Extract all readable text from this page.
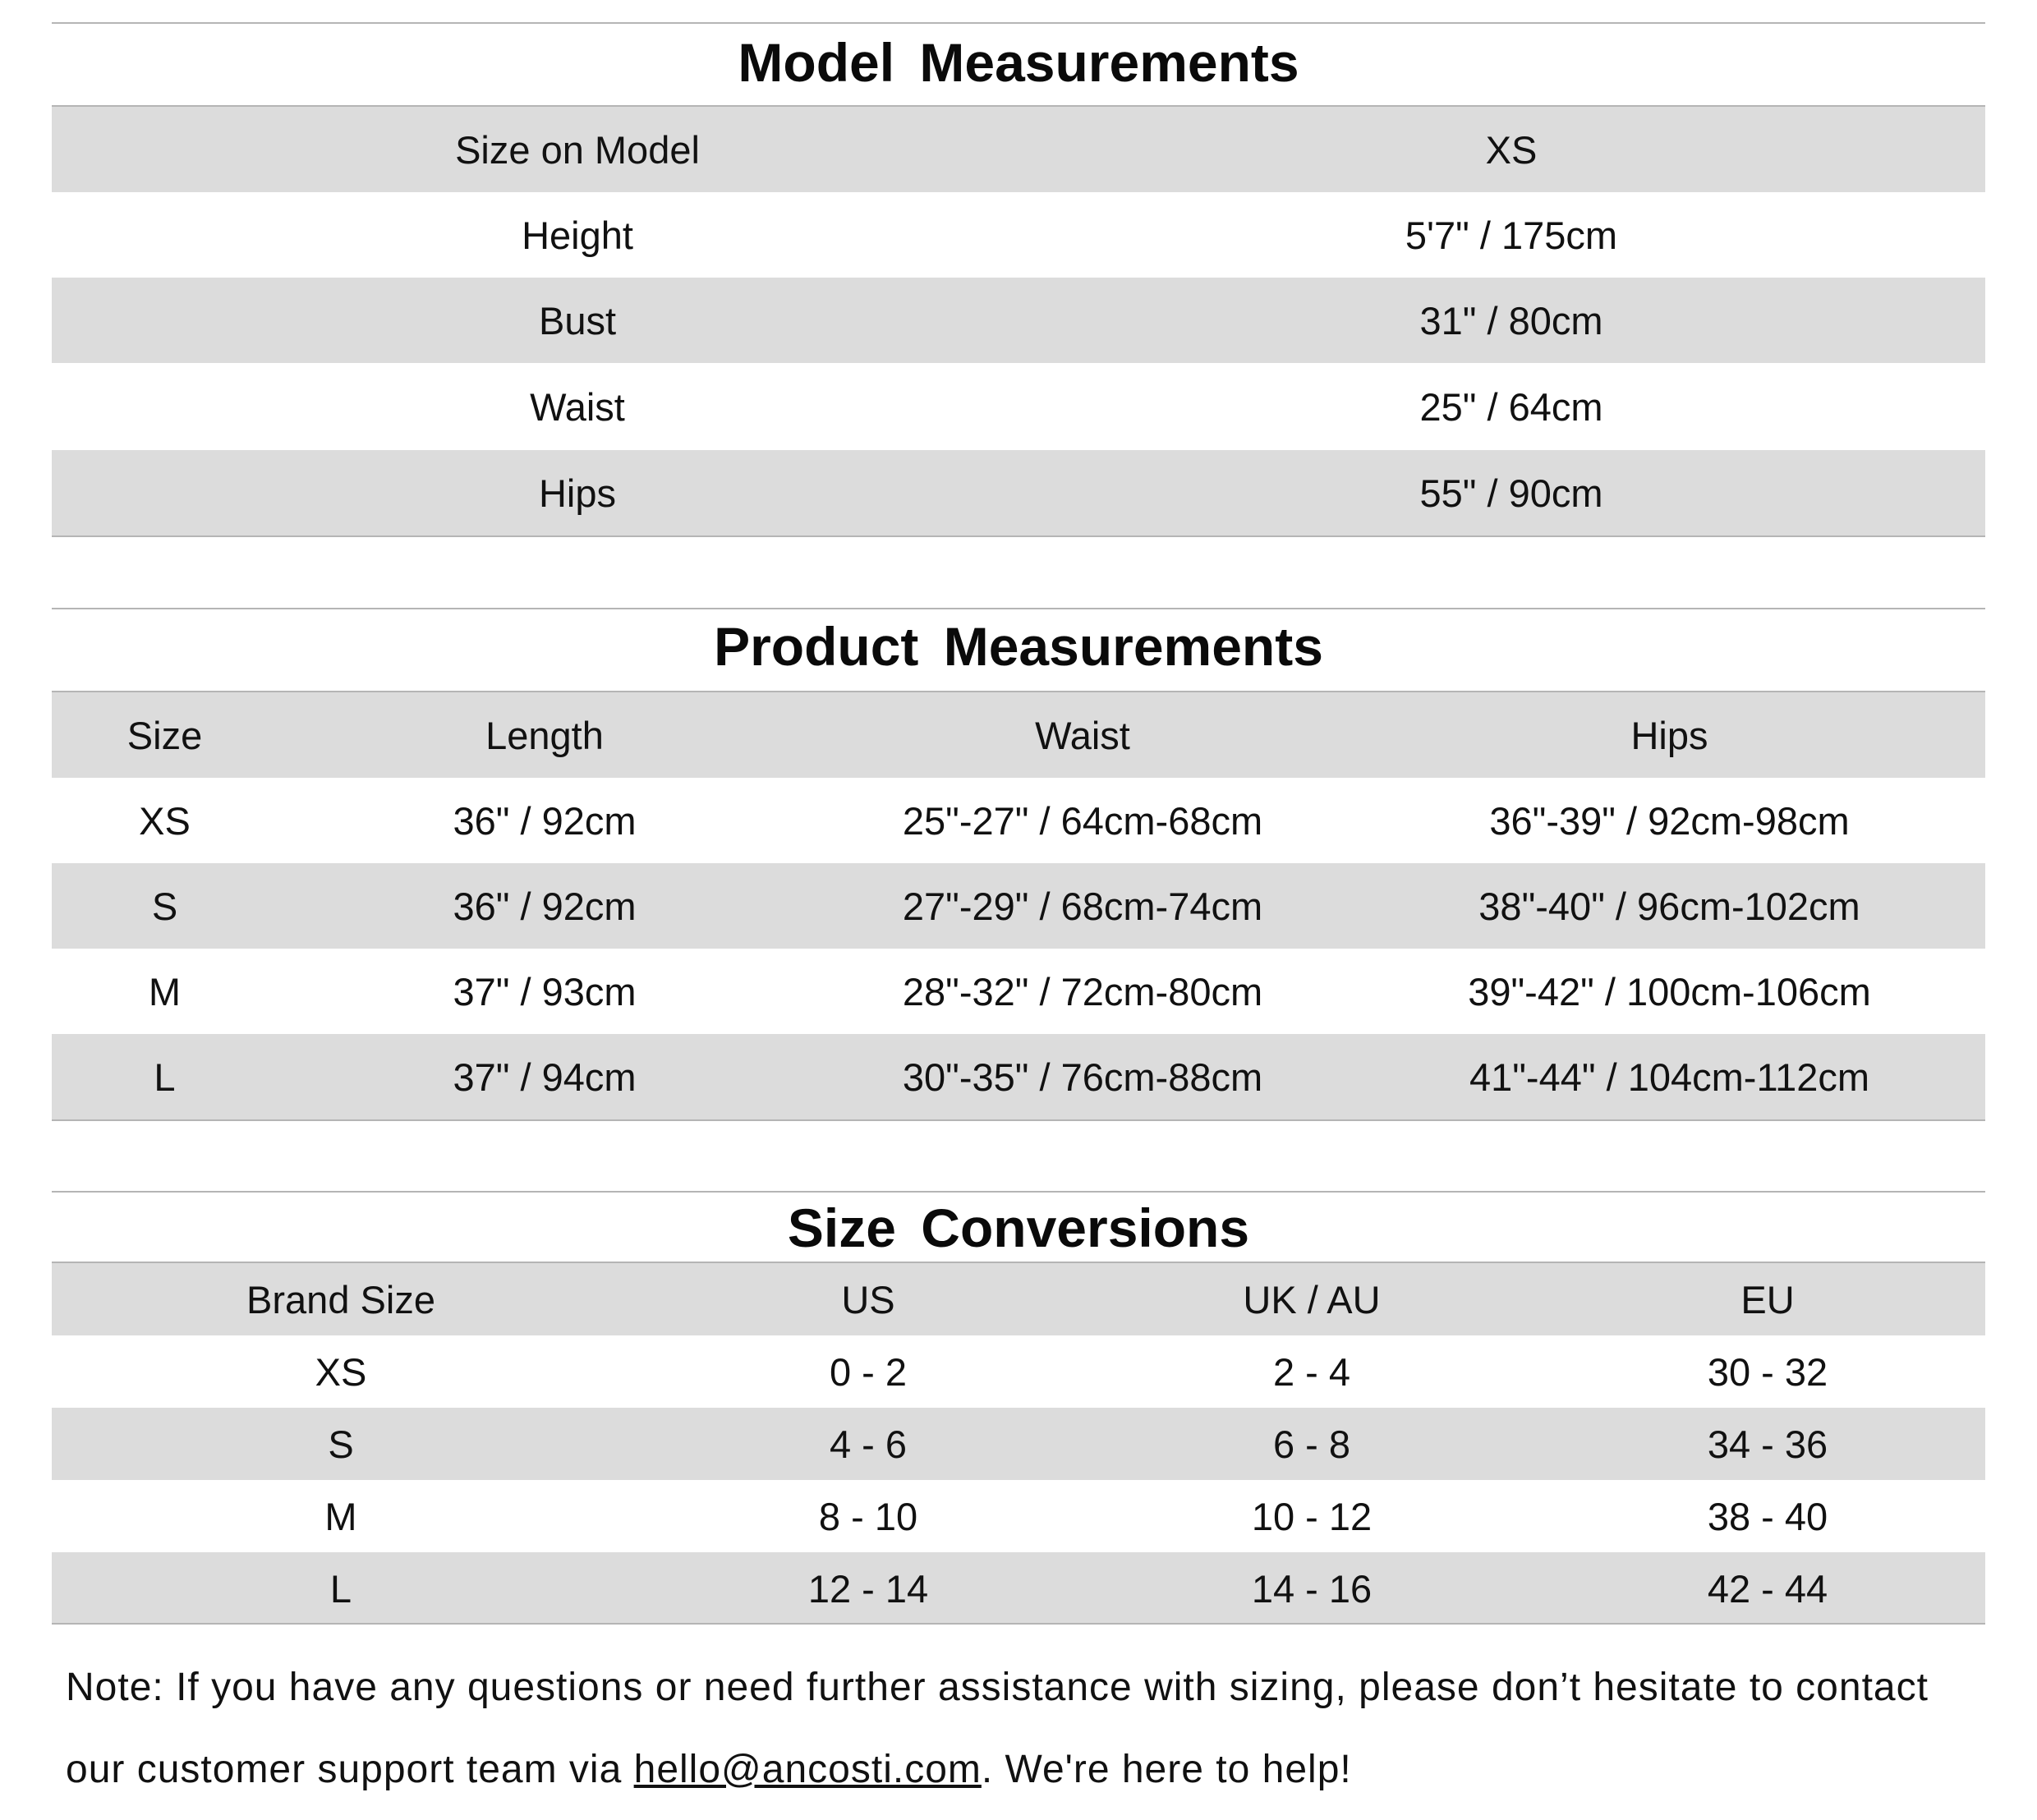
Model Measurements
Size on Model	XS
Height	5'7" / 175cm
Bust	31" / 80cm
Waist	25" / 64cm
Hips	55" / 90cm
Product Measurements
Size	Length	Waist	Hips
XS	36" / 92cm	25"-27" / 64cm-68cm	36"-39" / 92cm-98cm
S	36" / 92cm	27"-29" / 68cm-74cm	38"-40" / 96cm-102cm
M	37" / 93cm	28"-32" / 72cm-80cm	39"-42" / 100cm-106cm
L	37" / 94cm	30"-35" / 76cm-88cm	41"-44" / 104cm-112cm
Size Conversions
Brand Size	US	UK / AU	EU
XS	0 - 2	2 - 4	30 - 32
S	4 - 6	6 - 8	34 - 36
M	8 - 10	10 - 12	38 - 40
L	12 - 14	14 - 16	42 - 44
Note: If you have any questions or need further assistance with sizing, please don’t hesitate to contact
our customer support team via hello@ancosti.com. We're here to help!
